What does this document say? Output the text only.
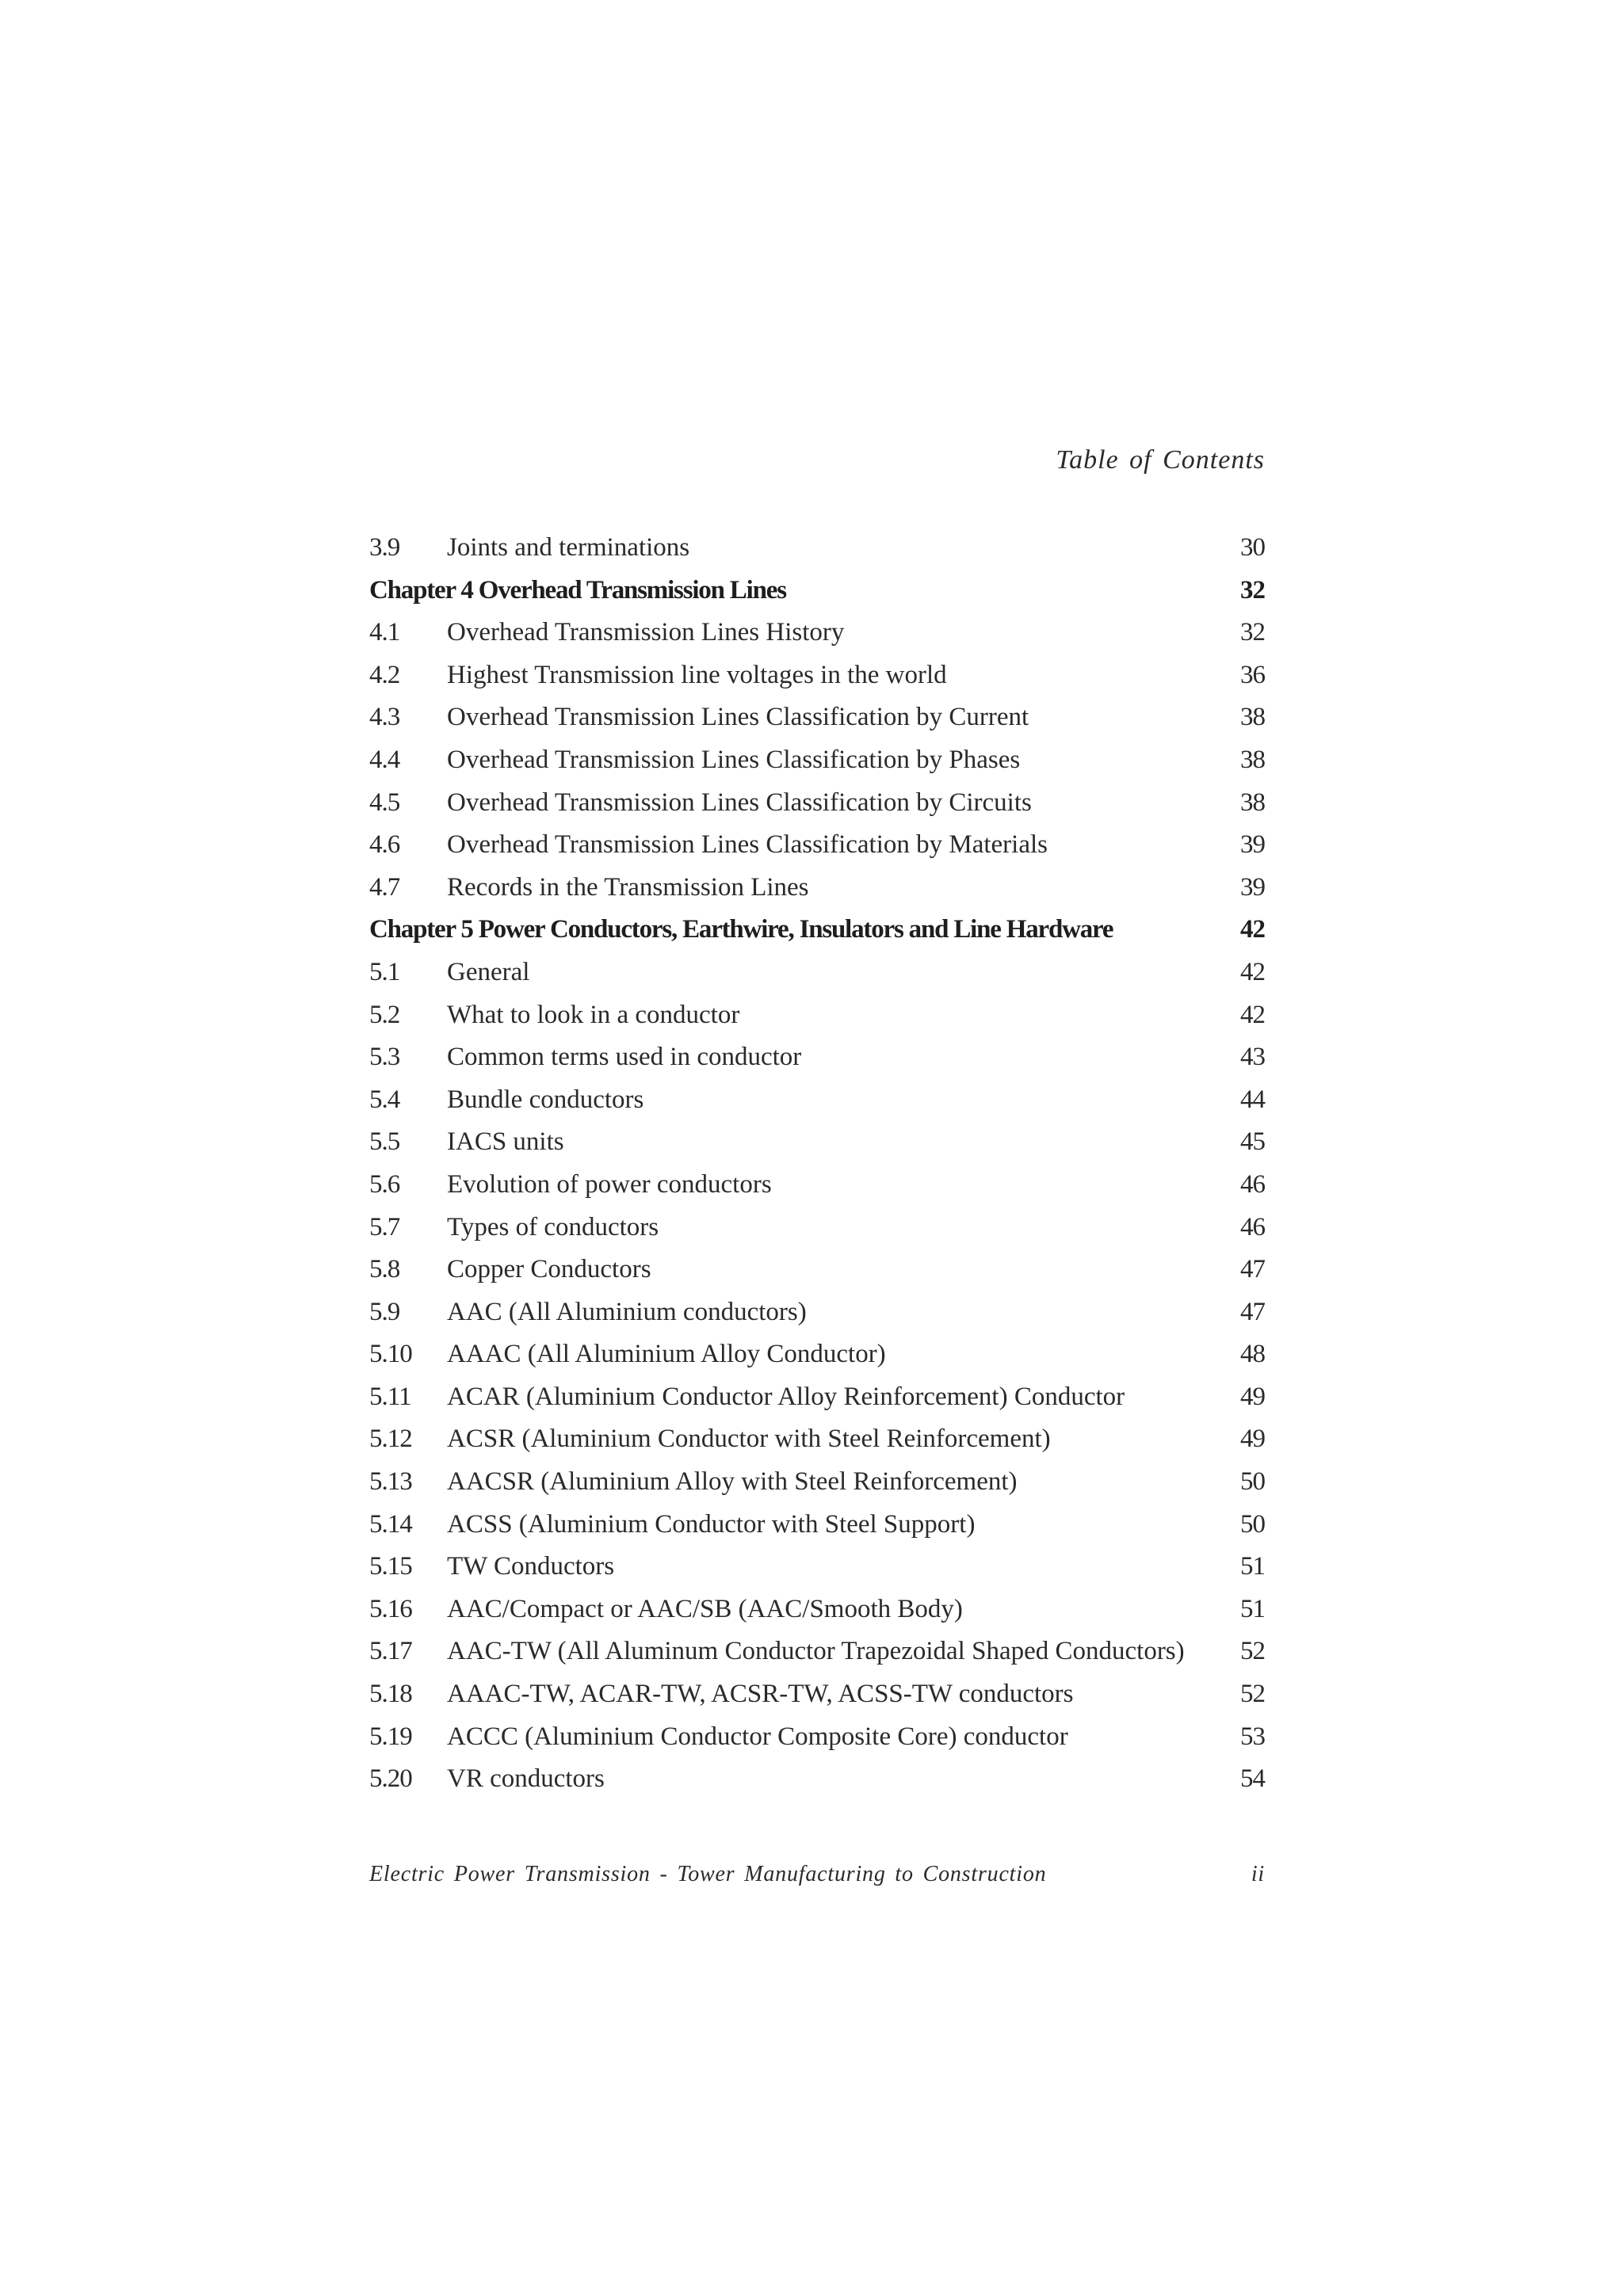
Table of Contents
3.9	Joints and terminations	30
Chapter 4 Overhead Transmission Lines	32
4.1	Overhead Transmission Lines History	32
4.2	Highest Transmission line voltages in the world	36
4.3	Overhead Transmission Lines Classification by Current	38
4.4	Overhead Transmission Lines Classification by Phases	38
4.5	Overhead Transmission Lines Classification by Circuits	38
4.6	Overhead Transmission Lines Classification by Materials	39
4.7	Records in the Transmission Lines	39
Chapter 5 Power Conductors, Earthwire, Insulators and Line Hardware	42
5.1	General	42
5.2	What to look in a conductor	42
5.3	Common terms used in conductor	43
5.4	Bundle conductors	44
5.5	IACS units	45
5.6	Evolution of power conductors	46
5.7	Types of conductors	46
5.8	Copper Conductors	47
5.9	AAC (All Aluminium conductors)	47
5.10	AAAC (All Aluminium Alloy Conductor)	48
5.11	ACAR (Aluminium Conductor Alloy Reinforcement) Conductor	49
5.12	ACSR (Aluminium Conductor with Steel Reinforcement)	49
5.13	AACSR (Aluminium Alloy with Steel Reinforcement)	50
5.14	ACSS (Aluminium Conductor with Steel Support)	50
5.15	TW Conductors	51
5.16	AAC/Compact or AAC/SB (AAC/Smooth Body)	51
5.17	AAC-TW (All Aluminum Conductor Trapezoidal Shaped Conductors)	52
5.18	AAAC-TW, ACAR-TW, ACSR-TW, ACSS-TW conductors	52
5.19	ACCC (Aluminium Conductor Composite Core) conductor	53
5.20	VR conductors	54
Electric Power Transmission - Tower Manufacturing to Construction	ii
